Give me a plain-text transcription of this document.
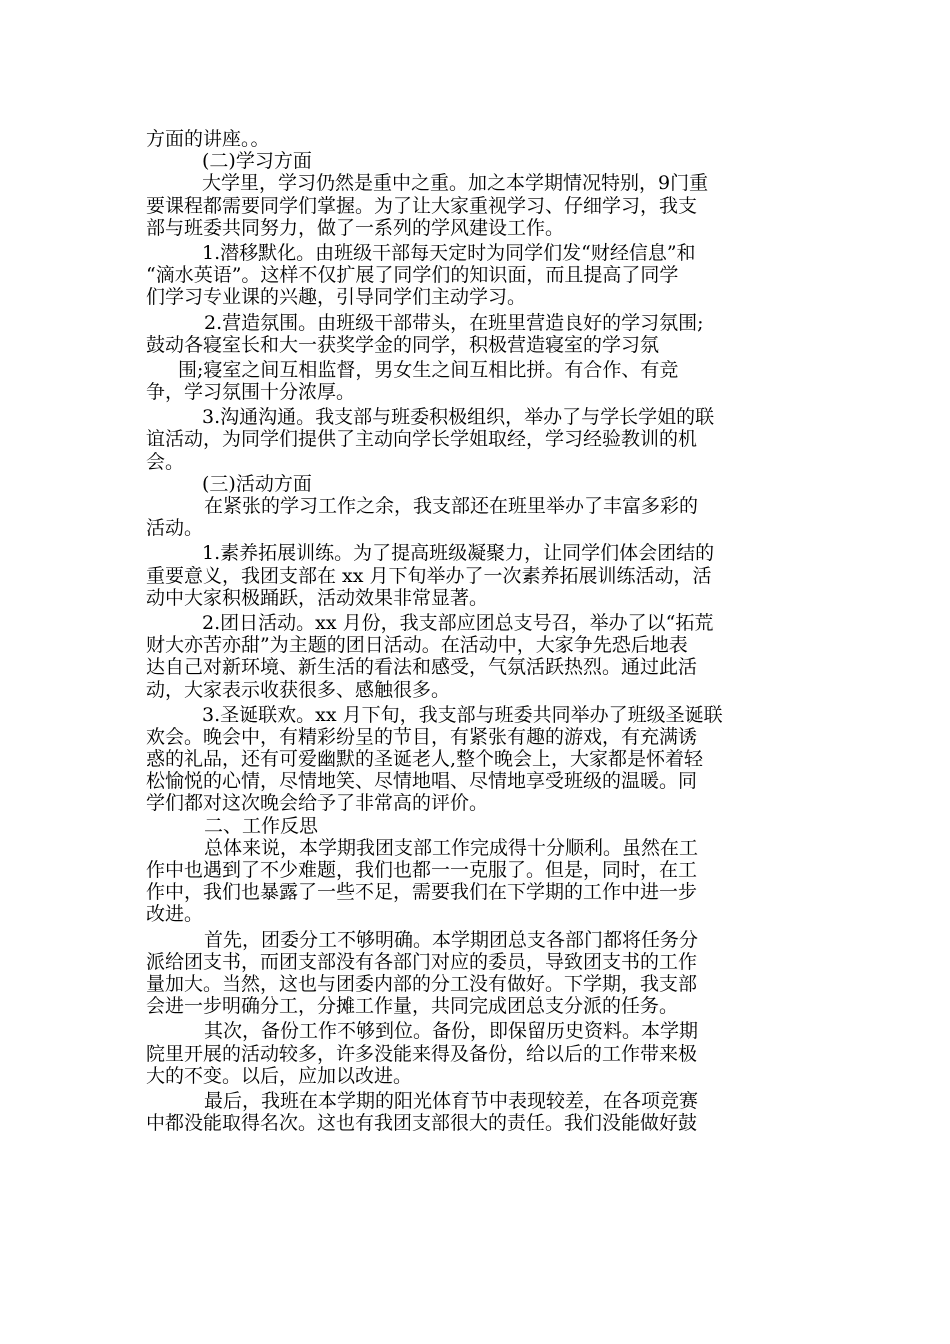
方面的讲座。。
(二)学习方面
大学里，学习仍然是重中之重。加之本学期情况特别，9门重
要课程都需要同学们掌握。为了让大家重视学习、仔细学习，我支
部与班委共同努力，做了一系列的学风建设工作。
1.潜移默化。由班级干部每天定时为同学们发“财经信息”和
“滴水英语”。这样不仅扩展了同学们的知识面，而且提高了同学
们学习专业课的兴趣，引导同学们主动学习。
2.营造氛围。由班级干部带头，在班里营造良好的学习氛围;
鼓动各寝室长和大一获奖学金的同学，积极营造寝室的学习氛
围;寝室之间互相监督，男女生之间互相比拼。有合作、有竞
争，学习氛围十分浓厚。
3.沟通沟通。我支部与班委积极组织，举办了与学长学姐的联
谊活动，为同学们提供了主动向学长学姐取经，学习经验教训的机
会。
(三)活动方面
在紧张的学习工作之余，我支部还在班里举办了丰富多彩的
活动。
1.素养拓展训练。为了提高班级凝聚力，让同学们体会团结的
重要意义，我团支部在 xx 月下旬举办了一次素养拓展训练活动，活
动中大家积极踊跃，活动效果非常显著。
2.团日活动。xx 月份，我支部应团总支号召，举办了以“拓荒
财大亦苦亦甜”为主题的团日活动。在活动中，大家争先恐后地表
达自己对新环境、新生活的看法和感受，气氛活跃热烈。通过此活
动，大家表示收获很多、感触很多。
3.圣诞联欢。xx 月下旬，我支部与班委共同举办了班级圣诞联
欢会。晚会中，有精彩纷呈的节目，有紧张有趣的游戏，有充满诱
惑的礼品，还有可爱幽默的圣诞老人,整个晚会上，大家都是怀着轻
松愉悦的心情，尽情地笑、尽情地唱、尽情地享受班级的温暖。同
学们都对这次晚会给予了非常高的评价。
二、工作反思
总体来说，本学期我团支部工作完成得十分顺利。虽然在工
作中也遇到了不少难题，我们也都一一克服了。但是，同时，在工
作中，我们也暴露了一些不足，需要我们在下学期的工作中进一步
改进。
首先，团委分工不够明确。本学期团总支各部门都将任务分
派给团支书，而团支部没有各部门对应的委员，导致团支书的工作
量加大。当然，这也与团委内部的分工没有做好。下学期，我支部
会进一步明确分工，分摊工作量，共同完成团总支分派的任务。
其次，备份工作不够到位。备份，即保留历史资料。本学期
院里开展的活动较多，许多没能来得及备份，给以后的工作带来极
大的不变。以后，应加以改进。
最后，我班在本学期的阳光体育节中表现较差，在各项竞赛
中都没能取得名次。这也有我团支部很大的责任。我们没能做好鼓
